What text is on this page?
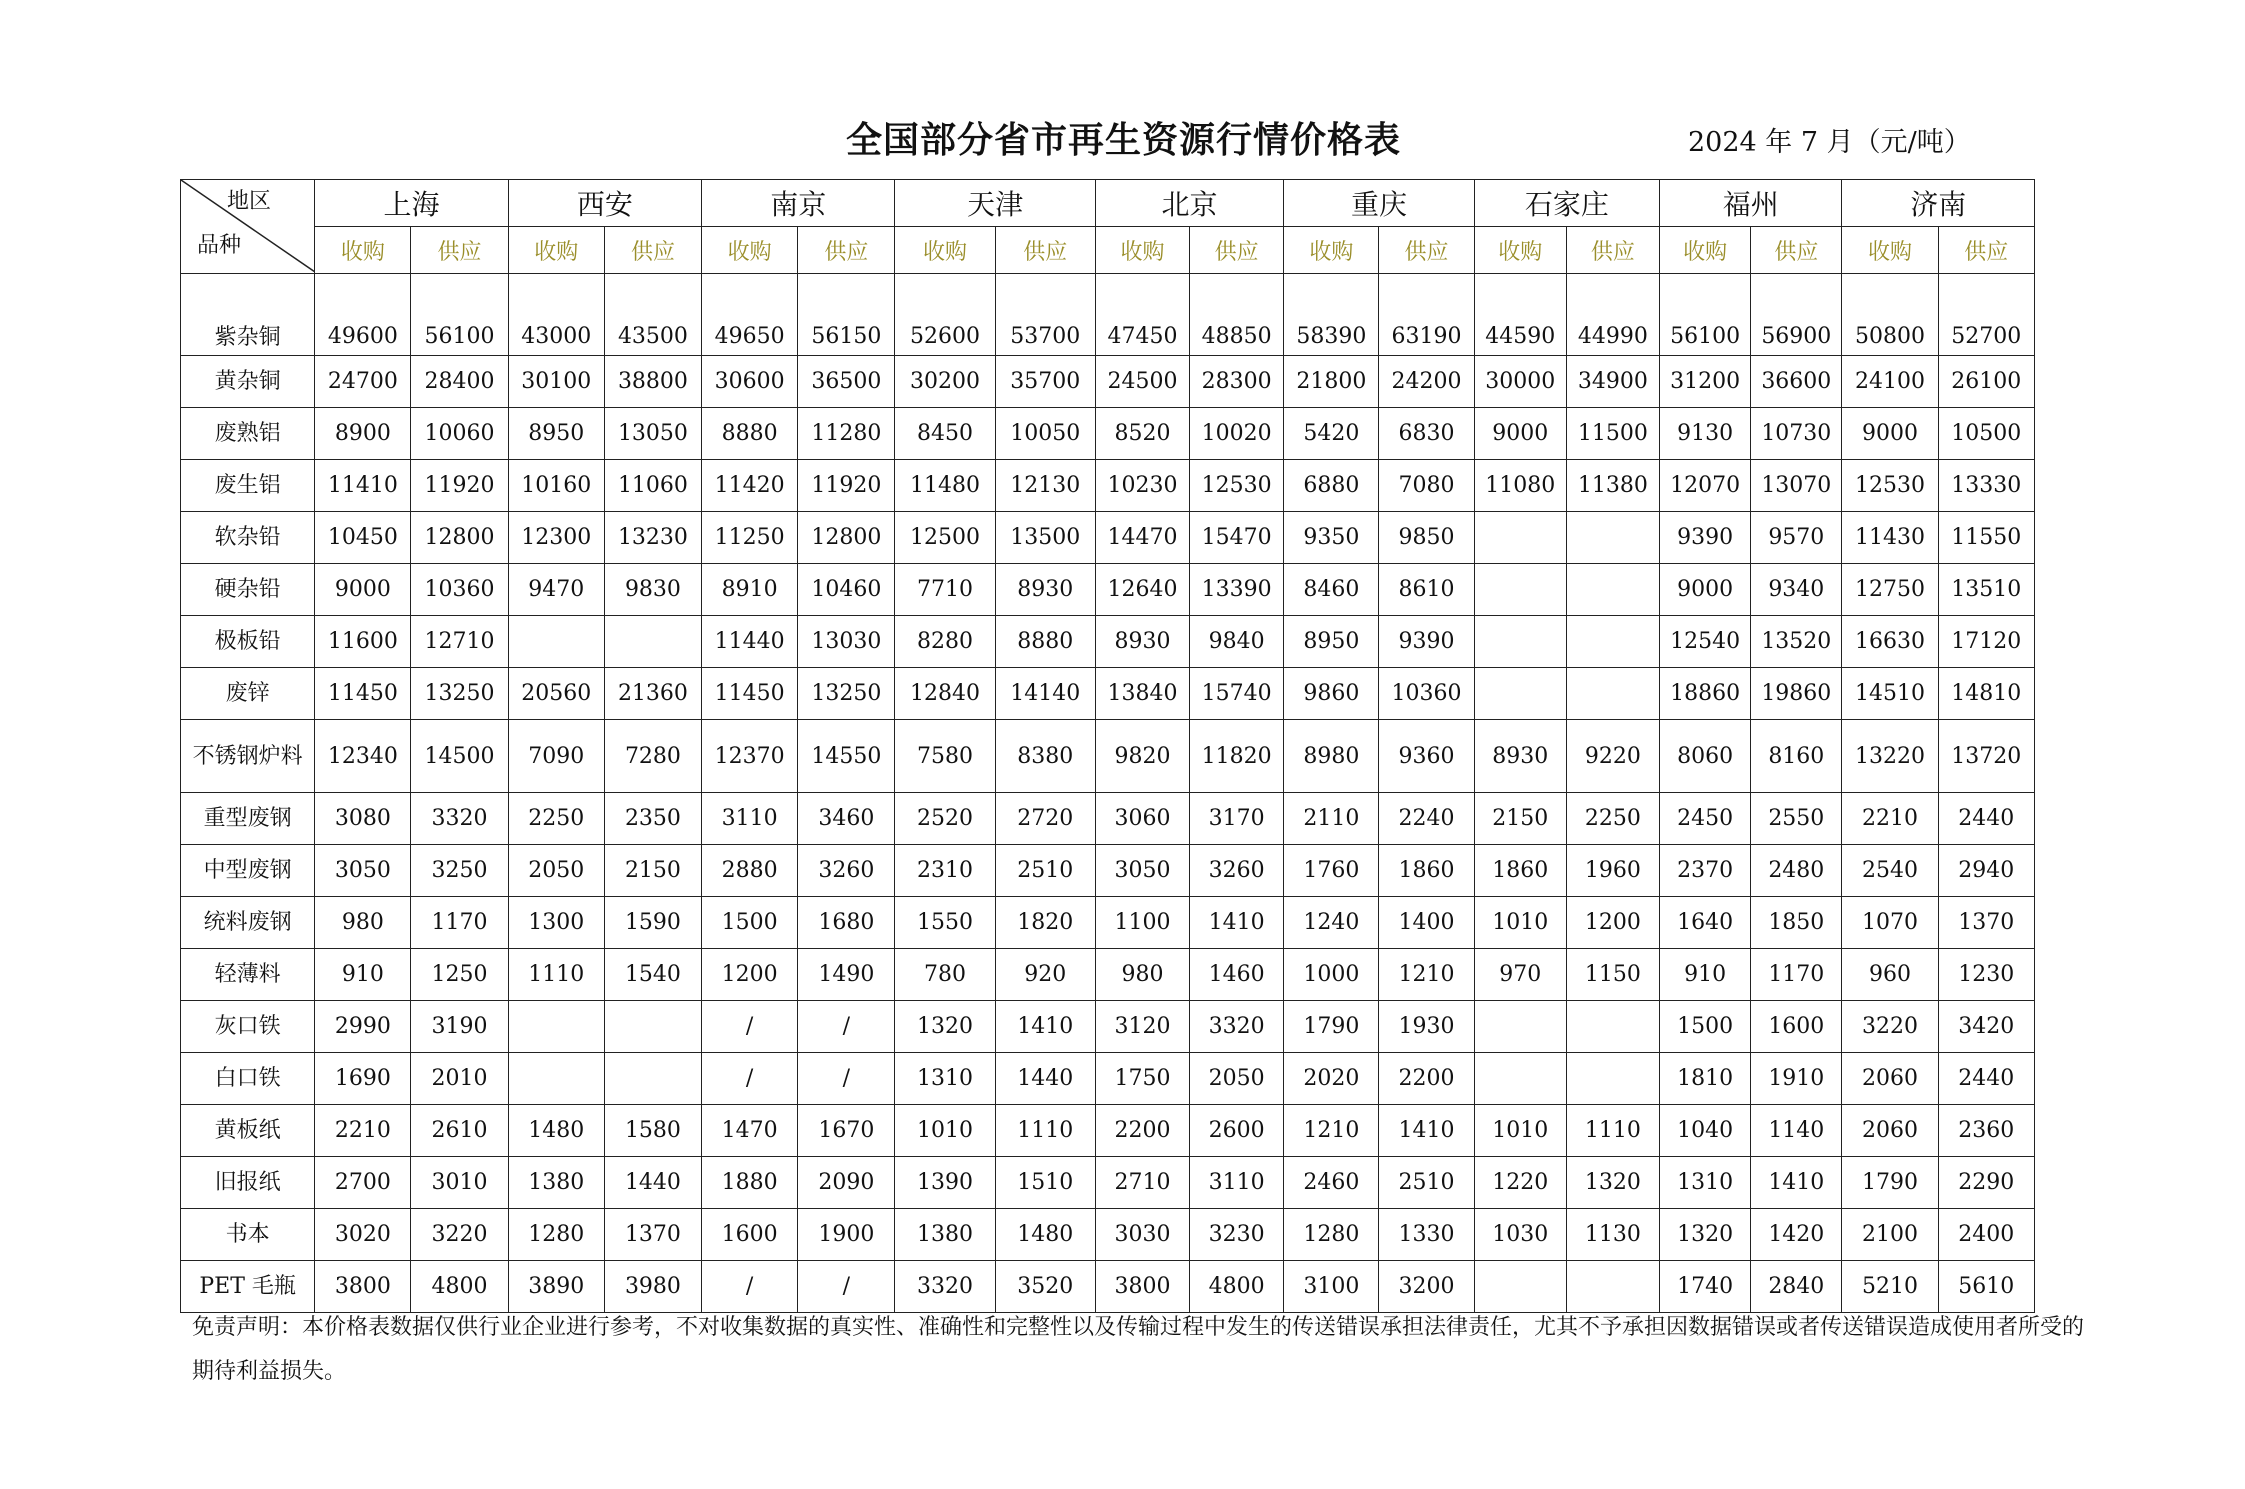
全国部分省市再生资源行情价格表	2024 年 7 月（元/吨）
地区
品种	上海		西安		南京		天津		北京		重庆		石家庄		福州		济南	
	收购	供应	收购	供应	收购	供应	收购	供应	收购	供应	收购	供应	收购	供应	收购	供应	收购	供应
紫杂铜	49600	56100	43000	43500	49650	56150	52600	53700	47450	48850	58390	63190	44590	44990	56100	56900	50800	52700
黄杂铜	24700	28400	30100	38800	30600	36500	30200	35700	24500	28300	21800	24200	30000	34900	31200	36600	24100	26100
废熟铝	8900	10060	8950	13050	8880	11280	8450	10050	8520	10020	5420	6830	9000	11500	9130	10730	9000	10500
废生铝	11410	11920	10160	11060	11420	11920	11480	12130	10230	12530	6880	7080	11080	11380	12070	13070	12530	13330
软杂铅	10450	12800	12300	13230	11250	12800	12500	13500	14470	15470	9350	9850			9390	9570	11430	11550
硬杂铅	9000	10360	9470	9830	8910	10460	7710	8930	12640	13390	8460	8610			9000	9340	12750	13510
极板铅	11600	12710			11440	13030	8280	8880	8930	9840	8950	9390			12540	13520	16630	17120
废锌	11450	13250	20560	21360	11450	13250	12840	14140	13840	15740	9860	10360			18860	19860	14510	14810
不锈钢炉料	12340	14500	7090	7280	12370	14550	7580	8380	9820	11820	8980	9360	8930	9220	8060	8160	13220	13720
重型废钢	3080	3320	2250	2350	3110	3460	2520	2720	3060	3170	2110	2240	2150	2250	2450	2550	2210	2440
中型废钢	3050	3250	2050	2150	2880	3260	2310	2510	3050	3260	1760	1860	1860	1960	2370	2480	2540	2940
统料废钢	980	1170	1300	1590	1500	1680	1550	1820	1100	1410	1240	1400	1010	1200	1640	1850	1070	1370
轻薄料	910	1250	1110	1540	1200	1490	780	920	980	1460	1000	1210	970	1150	910	1170	960	1230
灰口铁	2990	3190			/	/	1320	1410	3120	3320	1790	1930			1500	1600	3220	3420
白口铁	1690	2010			/	/	1310	1440	1750	2050	2020	2200			1810	1910	2060	2440
黄板纸	2210	2610	1480	1580	1470	1670	1010	1110	2200	2600	1210	1410	1010	1110	1040	1140	2060	2360
旧报纸	2700	3010	1380	1440	1880	2090	1390	1510	2710	3110	2460	2510	1220	1320	1310	1410	1790	2290
书本	3020	3220	1280	1370	1600	1900	1380	1480	3030	3230	1280	1330	1030	1130	1320	1420	2100	2400
PET 毛瓶	3800	4800	3890	3980	/	/	3320	3520	3800	4800	3100	3200			1740	2840	5210	5610
免责声明：本价格表数据仅供行业企业进行参考，不对收集数据的真实性、准确性和完整性以及传输过程中发生的传送错误承担法律责任，尤其不予承担因数据错误或者传送错误造成使用者所受的期待利益损失。
